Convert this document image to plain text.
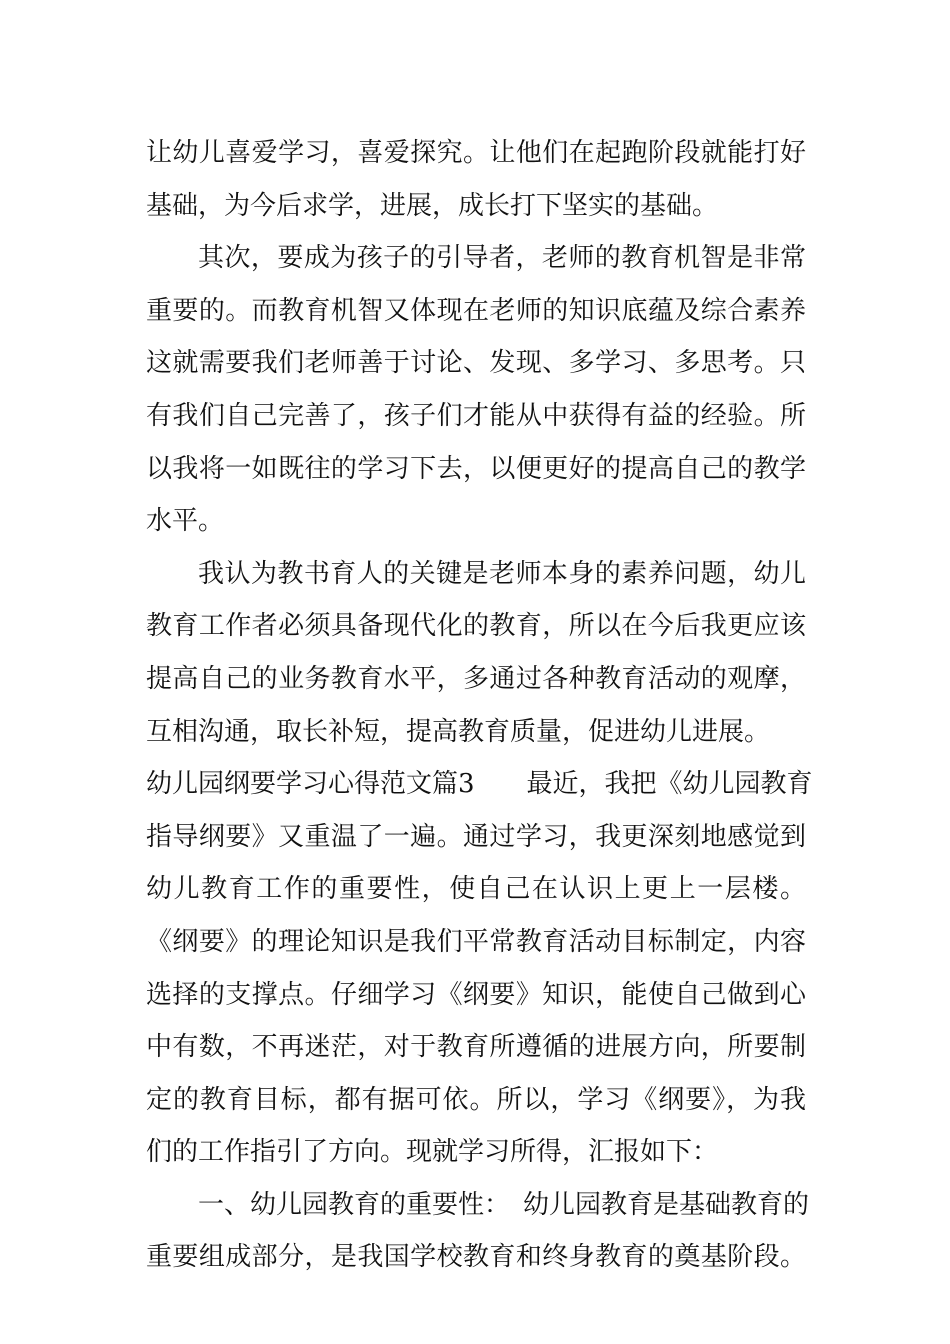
让幼儿喜爱学习，喜爱探究。让他们在起跑阶段就能打好
基础，为今后求学，进展，成长打下坚实的基础。
其次，要成为孩子的引导者，老师的教育机智是非常
重要的。而教育机智又体现在老师的知识底蕴及综合素养
这就需要我们老师善于讨论、发现、多学习、多思考。只
有我们自己完善了，孩子们才能从中获得有益的经验。所
以我将一如既往的学习下去，以便更好的提高自己的教学
水平。
我认为教书育人的关键是老师本身的素养问题，幼儿
教育工作者必须具备现代化的教育，所以在今后我更应该
提高自己的业务教育水平，多通过各种教育活动的观摩，
互相沟通，取长补短，提高教育质量，促进幼儿进展。
幼儿园纲要学习心得范文篇3　　最近，我把《幼儿园教育
指导纲要》又重温了一遍。通过学习，我更深刻地感觉到
幼儿教育工作的重要性，使自己在认识上更上一层楼。
《纲要》的理论知识是我们平常教育活动目标制定，内容
选择的支撑点。仔细学习《纲要》知识，能使自己做到心
中有数，不再迷茫，对于教育所遵循的进展方向，所要制
定的教育目标，都有据可依。所以，学习《纲要》，为我
们的工作指引了方向。现就学习所得，汇报如下：
一、幼儿园教育的重要性：　幼儿园教育是基础教育的
重要组成部分，是我国学校教育和终身教育的奠基阶段。
